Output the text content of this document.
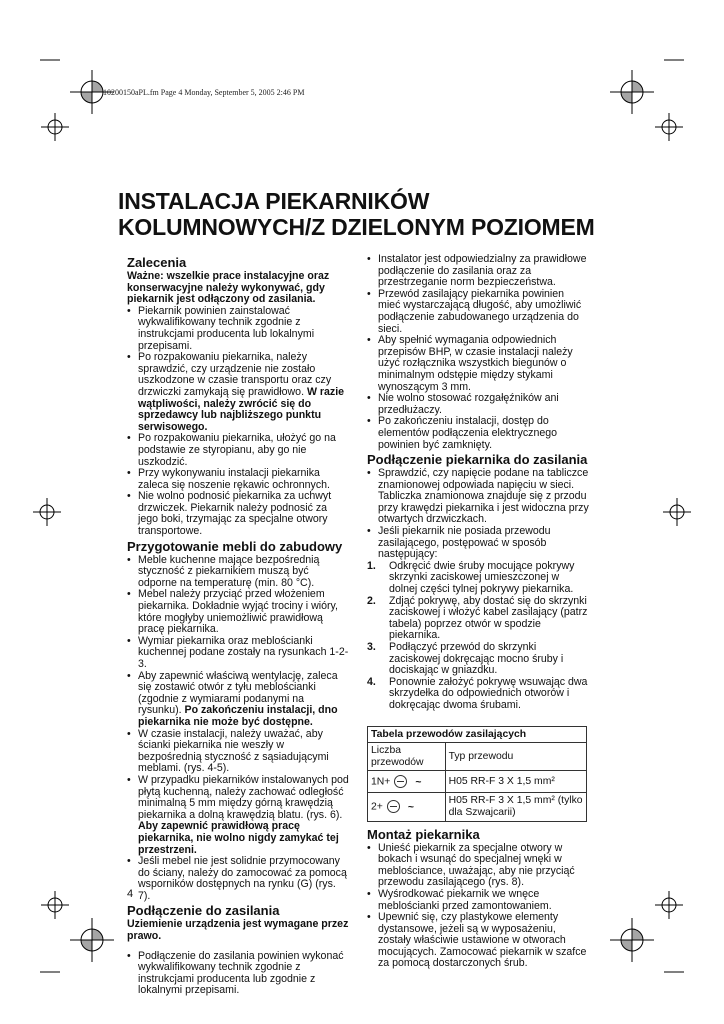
10200150aPL.fm Page 4 Monday, September 5, 2005 2:46 PM
INSTALACJA PIEKARNIKÓW
KOLUMNOWYCH/Z DZIELONYM POZIOMEM
Zalecenia

Ważne: wszelkie prace instalacyjne oraz konserwacyjne należy wykonywać, gdy piekarnik jest odłączony od zasilania.

• Piekarnik powinien zainstalować wykwalifikowany technik zgodnie z instrukcjami producenta lub lokalnymi przepisami.
• Po rozpakowaniu piekarnika, należy sprawdzić, czy urządzenie nie zostało uszkodzone w czasie transportu oraz czy drzwiczki zamykają się prawidłowo. W razie wątpliwości, należy zwrócić się do sprzedawcy lub najbliższego punktu serwisowego.
• Po rozpakowaniu piekarnika, ułożyć go na podstawie ze styropianu, aby go nie uszkodzić.
• Przy wykonywaniu instalacji piekarnika zaleca się noszenie rękawic ochronnych.
• Nie wolno podnosić piekarnika za uchwyt drzwiczek. Piekarnik należy podnosić za jego boki, trzymając za specjalne otwory transportowe.
Przygotowanie mebli do zabudowy
• Meble kuchenne mające bezpośrednią styczność z piekarnikiem muszą być odporne na temperaturę (min. 80 °C).
• Mebel należy przyciąć przed włożeniem piekarnika. Dokładnie wyjąć trociny i wióry, które mogłyby uniemożliwić prawidłową pracę piekarnika.
• Wymiar piekarnika oraz meblościanki kuchennej podane zostały na rysunkach 1-2-3.
• Aby zapewnić właściwą wentylację, zaleca się zostawić otwór z tyłu meblościanki (zgodnie z wymiarami podanymi na rysunku). Po zakończeniu instalacji, dno piekarnika nie może być dostępne.
• W czasie instalacji, należy uważać, aby ścianki piekarnika nie weszły w bezpośrednią styczność z sąsiadującymi meblami. (rys. 4-5).
• W przypadku piekarników instalowanych pod płytą kuchenną, należy zachować odległość minimalną 5 mm między górną krawędzią piekarnika a dolną krawędzią blatu. (rys. 6). Aby zapewnić prawidłową pracę piekarnika, nie wolno nigdy zamykać tej przestrzeni.
• Jeśli mebel nie jest solidnie przymocowany do ściany, należy do zamocować za pomocą wsporników dostępnych na rynku (G) (rys. 7).
Podłączenie do zasilania

Uziemienie urządzenia jest wymagane przez prawo.

• Podłączenie do zasilania powinien wykonać wykwalifikowany technik zgodnie z instrukcjami producenta lub zgodnie z lokalnymi przepisami.
• Instalator jest odpowiedzialny za prawidłowe podłączenie do zasilania oraz za przestrzeganie norm bezpieczeństwa.
• Przewód zasilający piekarnika powinien mieć wystarczającą długość, aby umożliwić podłączenie zabudowanego urządzenia do sieci.
• Aby spełnić wymagania odpowiednich przepisów BHP, w czasie instalacji należy użyć rozłącznika wszystkich biegunów o minimalnym odstępie między stykami wynoszącym 3 mm.
• Nie wolno stosować rozgałęźników ani przedłużaczy.
• Po zakończeniu instalacji, dostęp do elementów podłączenia elektrycznego powinien być zamknięty.
Podłączenie piekarnika do zasilania
• Sprawdzić, czy napięcie podane na tabliczce znamionowej odpowiada napięciu w sieci. Tabliczka znamionowa znajduje się z przodu przy krawędzi piekarnika i jest widoczna przy otwartych drzwiczkach.
• Jeśli piekarnik nie posiada przewodu zasilającego, postępować w sposób następujący:
1. Odkręcić dwie śruby mocujące pokrywy skrzynki zaciskowej umieszczonej w dolnej części tylnej pokrywy piekarnika.
2. Zdjąć pokrywę, aby dostać się do skrzynki zaciskowej i włożyć kabel zasilający (patrz tabela) poprzez otwór w spodzie piekarnika.
3. Podłączyć przewód do skrzynki zaciskowej dokręcając mocno śruby i dociskając w gniazdku.
4. Ponownie założyć pokrywę wsuwając dwa skrzydełka do odpowiednich otworów i dokręcając dwoma śrubami.
Tabela przewodów zasilających	
Liczba przewodów	Typ przewodu
1N+ ~	H05 RR-F 3 X 1,5 mm²
2+ ~	H05 RR-F 3 X 1,5 mm² (tylko dla Szwajcarii)
Montaż piekarnika
• Unieść piekarnik za specjalne otwory w bokach i wsunąć do specjalnej wnęki w meblościance, uważając, aby nie przyciąć przewodu zasilającego (rys. 8).
• Wyśrodkować piekarnik we wnęce meblościanki przed zamontowaniem.
• Upewnić się, czy plastykowe elementy dystansowe, jeżeli są w wyposażeniu, zostały właściwie ustawione w otworach mocujących. Zamocować piekarnik w szafce za pomocą dostarczonych śrub.
4
